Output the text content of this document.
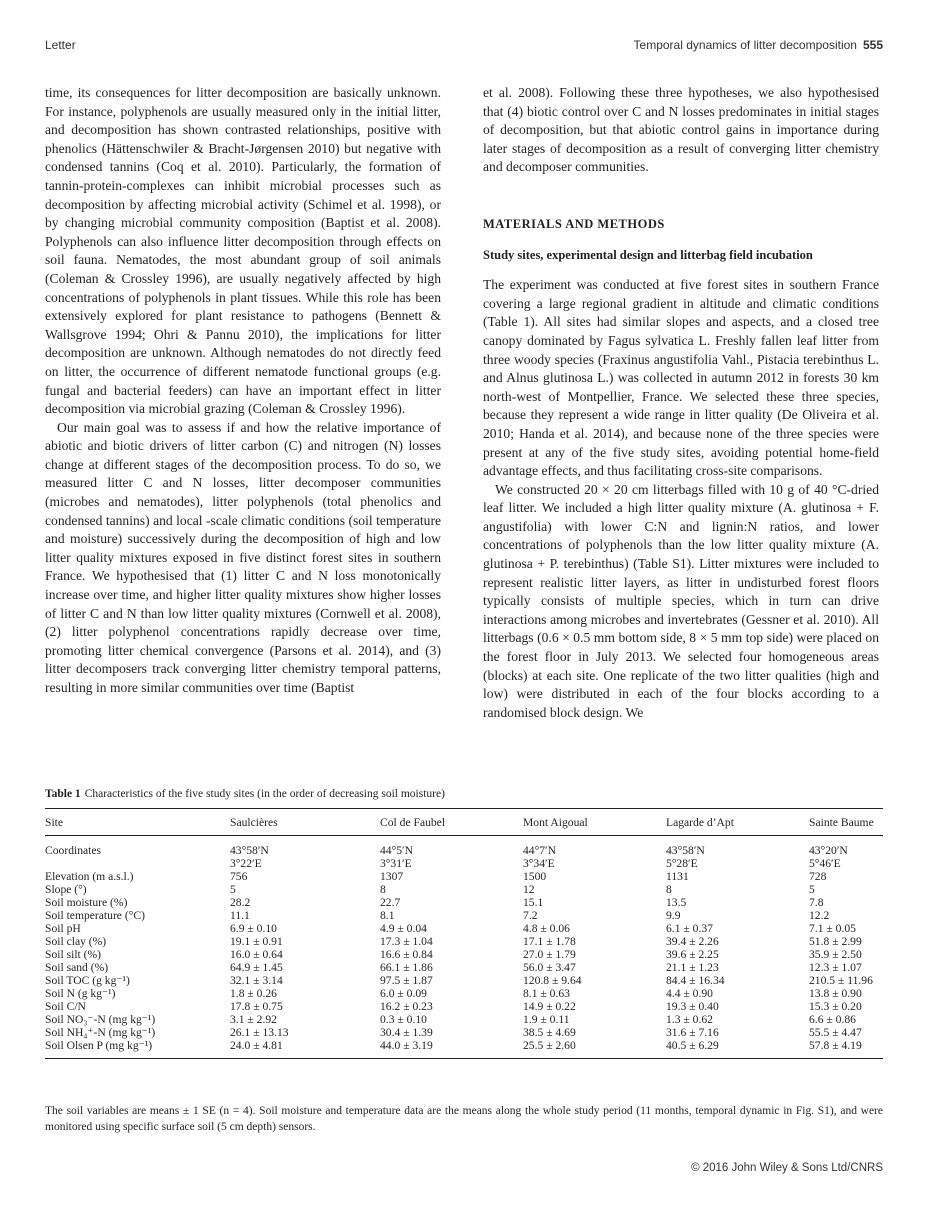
Letter	Temporal dynamics of litter decomposition 555

time, its consequences for litter decomposition are basically unknown. For instance, polyphenols are usually measured only in the initial litter, and decomposition has shown contrasted relationships, positive with phenolics (Hättenschwiler & Bracht-Jørgensen 2010) but negative with condensed tannins (Coq et al. 2010). Particularly, the formation of tannin-protein-complexes can inhibit microbial processes such as decomposition by affecting microbial activity (Schimel et al. 1998), or by changing microbial community composition (Baptist et al. 2008). Polyphenols can also influence litter decomposition through effects on soil fauna. Nematodes, the most abundant group of soil animals (Coleman & Crossley 1996), are usually negatively affected by high concentrations of polyphenols in plant tissues. While this role has been extensively explored for plant resistance to pathogens (Bennett & Wallsgrove 1994; Ohri & Pannu 2010), the implications for litter decomposition are unknown. Although nematodes do not directly feed on litter, the occurrence of different nematode functional groups (e.g. fungal and bacterial feeders) can have an important effect in litter decomposition via microbial grazing (Coleman & Crossley 1996).

Our main goal was to assess if and how the relative importance of abiotic and biotic drivers of litter carbon (C) and nitrogen (N) losses change at different stages of the decomposition process. To do so, we measured litter C and N losses, litter decomposer communities (microbes and nematodes), litter polyphenols (total phenolics and condensed tannins) and local -scale climatic conditions (soil temperature and moisture) successively during the decomposition of high and low litter quality mixtures exposed in five distinct forest sites in southern France. We hypothesised that (1) litter C and N loss monotonically increase over time, and higher litter quality mixtures show higher losses of litter C and N than low litter quality mixtures (Cornwell et al. 2008), (2) litter polyphenol concentrations rapidly decrease over time, promoting litter chemical convergence (Parsons et al. 2014), and (3) litter decomposers track converging litter chemistry temporal patterns, resulting in more similar communities over time (Baptist

et al. 2008). Following these three hypotheses, we also hypothesised that (4) biotic control over C and N losses predominates in initial stages of decomposition, but that abiotic control gains in importance during later stages of decomposition as a result of converging litter chemistry and decomposer communities.

MATERIALS AND METHODS
Study sites, experimental design and litterbag field incubation

The experiment was conducted at five forest sites in southern France covering a large regional gradient in altitude and climatic conditions (Table 1). All sites had similar slopes and aspects, and a closed tree canopy dominated by Fagus sylvatica L. Freshly fallen leaf litter from three woody species (Fraxinus angustifolia Vahl., Pistacia terebinthus L. and Alnus glutinosa L.) was collected in autumn 2012 in forests 30 km north-west of Montpellier, France. We selected these three species, because they represent a wide range in litter quality (De Oliveira et al. 2010; Handa et al. 2014), and because none of the three species were present at any of the five study sites, avoiding potential home-field advantage effects, and thus facilitating cross-site comparisons.

We constructed 20 × 20 cm litterbags filled with 10 g of 40 °C-dried leaf litter. We included a high litter quality mixture (A. glutinosa + F. angustifolia) with lower C:N and lignin:N ratios, and lower concentrations of polyphenols than the low litter quality mixture (A. glutinosa + P. terebinthus) (Table S1). Litter mixtures were included to represent realistic litter layers, as litter in undisturbed forest floors typically consists of multiple species, which in turn can drive interactions among microbes and invertebrates (Gessner et al. 2010). All litterbags (0.6 × 0.5 mm bottom side, 8 × 5 mm top side) were placed on the forest floor in July 2013. We selected four homogeneous areas (blocks) at each site. One replicate of the two litter qualities (high and low) were distributed in each of the four blocks according to a randomised block design. We

Table 1 Characteristics of the five study sites (in the order of decreasing soil moisture)
Site	Saulcières	Col de Faubel	Mont Aigoual	Lagarde d’Apt	Sainte Baume
Coordinates	43°58′N	44°5′N	44°7′N	43°58′N	43°20′N
	3°22′E	3°31′E	3°34′E	5°28′E	5°46′E
Elevation (m a.s.l.)	756	1307	1500	1131	728
Slope (°)	5	8	12	8	5
Soil moisture (%)	28.2	22.7	15.1	13.5	7.8
Soil temperature (°C)	11.1	8.1	7.2	9.9	12.2
Soil pH	6.9 ± 0.10	4.9 ± 0.04	4.8 ± 0.06	6.1 ± 0.37	7.1 ± 0.05
Soil clay (%)	19.1 ± 0.91	17.3 ± 1.04	17.1 ± 1.78	39.4 ± 2.26	51.8 ± 2.99
Soil silt (%)	16.0 ± 0.64	16.6 ± 0.84	27.0 ± 1.79	39.6 ± 2.25	35.9 ± 2.50
Soil sand (%)	64.9 ± 1.45	66.1 ± 1.86	56.0 ± 3.47	21.1 ± 1.23	12.3 ± 1.07
Soil TOC (g kg⁻¹)	32.1 ± 3.14	97.5 ± 1.87	120.8 ± 9.64	84.4 ± 16.34	210.5 ± 11.96
Soil N (g kg⁻¹)	1.8 ± 0.26	6.0 ± 0.09	8.1 ± 0.63	4.4 ± 0.90	13.8 ± 0.90
Soil C/N	17.8 ± 0.75	16.2 ± 0.23	14.9 ± 0.22	19.3 ± 0.40	15.3 ± 0.20
Soil NO₃⁻-N (mg kg⁻¹)	3.1 ± 2.92	0.3 ± 0.10	1.9 ± 0.11	1.3 ± 0.62	6.6 ± 0.86
Soil NH₄⁺-N (mg kg⁻¹)	26.1 ± 13.13	30.4 ± 1.39	38.5 ± 4.69	31.6 ± 7.16	55.5 ± 4.47
Soil Olsen P (mg kg⁻¹)	24.0 ± 4.81	44.0 ± 3.19	25.5 ± 2.60	40.5 ± 6.29	57.8 ± 4.19
The soil variables are means ± 1 SE (n = 4). Soil moisture and temperature data are the means along the whole study period (11 months, temporal dynamic in Fig. S1), and were monitored using specific surface soil (5 cm depth) sensors.
© 2016 John Wiley & Sons Ltd/CNRS
